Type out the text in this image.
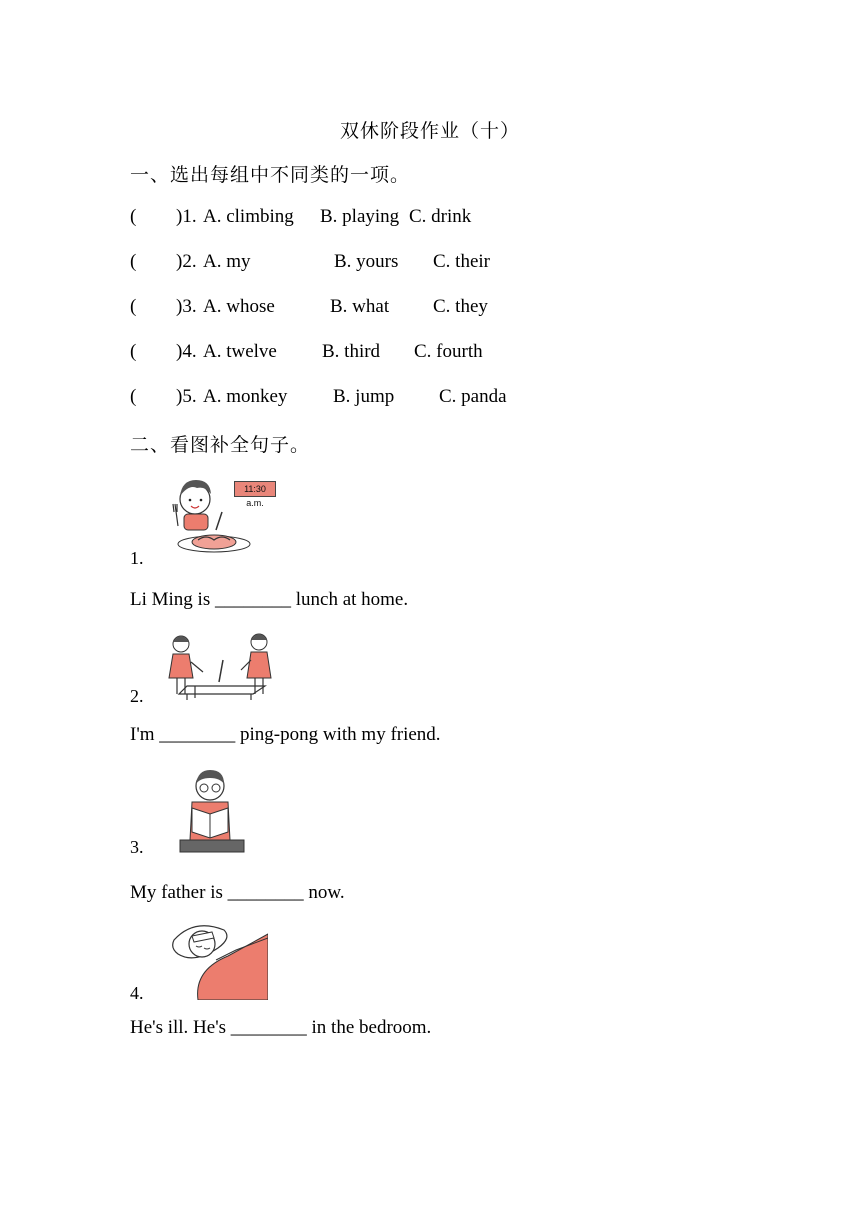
双休阶段作业（十）
一、选出每组中不同类的一项。
( )1. A. climbing B. playing C. drink
( )2. A. my	B. yours C. their
( )3. A. whose	B. what C. they
( )4. A. twelve B. third C. fourth
( )5. A. monkey B. jump C. panda
二、看图补全句子。
11:30 a.m.
1.
Li Ming is ________ lunch at home.
2.
I'm ________ ping-pong with my friend.
3.
My father is ________ now.
4.
He's ill. He's ________ in the bedroom.
